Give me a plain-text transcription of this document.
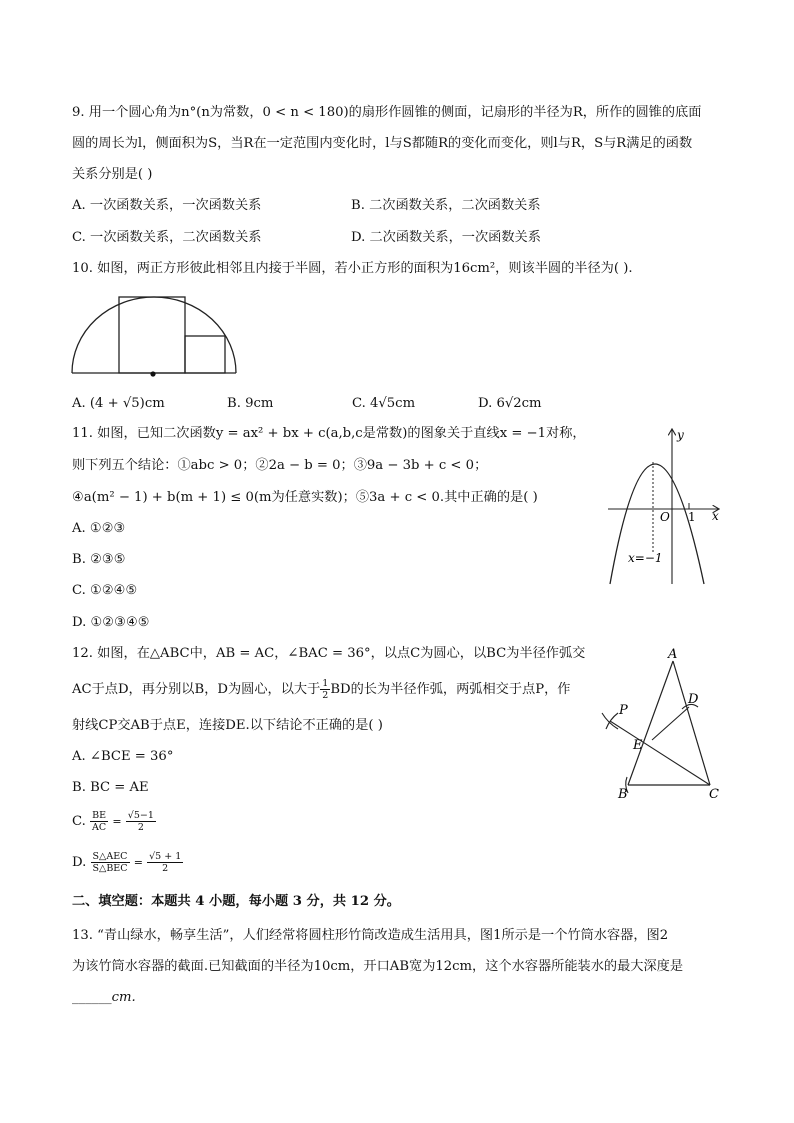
9. 用一个圆心角为n°(n为常数，0 < n < 180)的扇形作圆锥的侧面，记扇形的半径为R，所作的圆锥的底面
圆的周长为l，侧面积为S，当R在一定范围内变化时，l与S都随R的变化而变化，则l与R，S与R满足的函数
关系分别是( )
A. 一次函数关系，一次函数关系	B. 二次函数关系，二次函数关系
C. 一次函数关系，二次函数关系	D. 二次函数关系，一次函数关系
10. 如图，两正方形彼此相邻且内接于半圆，若小正方形的面积为16cm²，则该半圆的半径为( ).
A. (4 + √5)cm	B. 9cm	C. 4√5cm	D. 6√2cm
11. 如图，已知二次函数y = ax² + bx + c(a,b,c是常数)的图象关于直线x = −1对称，
则下列五个结论：①abc > 0；②2a − b = 0；③9a − 3b + c < 0；
④a(m² − 1) + b(m + 1) ≤ 0(m为任意实数)；⑤3a + c < 0.其中正确的是( )
A. ①②③
B. ②③⑤
C. ①②④⑤
D. ①②③④⑤
y
x
O 1
x=−1
12. 如图，在△ABC中，AB = AC，∠BAC = 36°，以点C为圆心，以BC为半径作弧交
AC于点D，再分别以B，D为圆心，以大于 $\frac{1}{2}$ BD的长为半径作弧，两弧相交于点P，作
射线CP交AB于点E，连接DE.以下结论不正确的是( )
A. ∠BCE = 36°
B. BC = AE
C. $\frac{BE}{AC} = \frac{√5-1}{2}$
D. $\frac{\text{S△AEC}}{\text{S△BEC}} = \frac{√5 + 1}{2}$
A
B	C
D
E
P
二、填空题：本题共 4 小题，每小题 3 分，共 12 分。
13. “青山绿水，畅享生活”，人们经常将圆柱形竹筒改造成生活用具，图1所示是一个竹筒水容器，图2
为该竹筒水容器的截面.已知截面的半径为10cm，开口AB宽为12cm，这个水容器所能装水的最大深度是
______cm.
